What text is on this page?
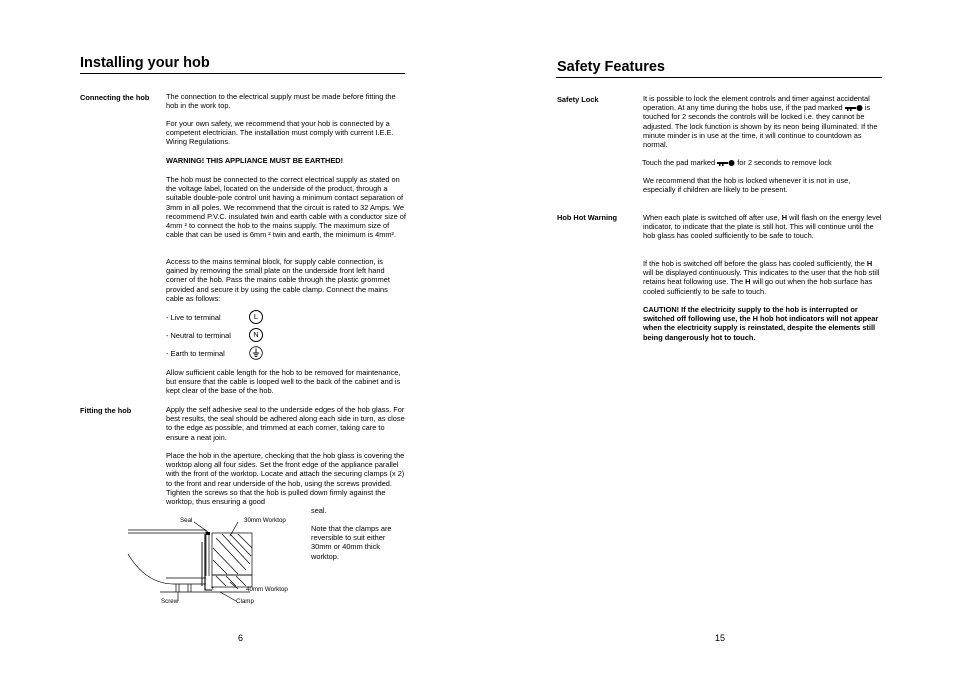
Installing your hob
Connecting the hob The connection to the electrical supply must be made before fitting the hob in the work top.
For your own safety, we recommend that your hob is connected by a competent electrician. The installation must comply with current I.E.E. Wiring Regulations.
WARNING! THIS APPLIANCE MUST BE EARTHED!
The hob must be connected to the correct electrical supply as stated on the voltage label, located on the underside of the product, through a suitable double-pole control unit having a minimum contact separation of 3mm in all poles. We recommend that the circuit is rated to 32 Amps. We recommend P.V.C. insulated twin and earth cable with a conductor size of 4mm ² to connect the hob to the mains supply. The maximum size of cable that can be used is 6mm ² twin and earth, the minimum is 4mm².
Access to the mains terminal block, for supply cable connection, is gained by removing the small plate on the underside front left hand corner of the hob. Pass the mains cable through the plastic grommet provided and secure it by using the cable clamp. Connect the mains cable as follows:
- Live to terminal	L
- Neutral to terminal	N
- Earth to terminal
Allow sufficient cable length for the hob to be removed for maintenance, but ensure that the cable is looped well to the back of the cabinet and is kept clear of the base of the hob.
Fitting the hob	Apply the self adhesive seal to the underside edges of the hob glass. For best results, the seal should be adhered along each side in turn, as close to the edge as possible, and trimmed at each corner, taking care to ensure a neat join.
Place the hob in the aperture, checking that the hob glass is covering the worktop along all four sides. Set the front edge of the appliance parallel with the front of the worktop. Locate and attach the securing clamps (x 2) to the front and rear underside of the hob, using the screws provided. Tighten the screws so that the hob is pulled down firmly against the worktop, thus ensuring a good
seal.
Note that the clamps are reversible to suit either 30mm or 40mm thick worktop.
±
Seal	30mm Worktop
40mm Worktop
Screw	Clamp
6
Safety Features
Safety Lock	It is possible to lock the element controls and timer against accidental operation. At any time during the hobs use, if the pad marked	is touched for 2 seconds the controls will be locked i.e. they cannot be adjusted. The lock function is shown by its neon being illuminated. If the minute minder is in use at the time, it will continue to countdown as normal.
Touch the pad marked	for 2 seconds to remove lock
We recommend that the hob is locked whenever it is not in use, especially if children are likely to be present.
Hob Hot Warning	When each plate is switched off after use, H will flash on the energy level indicator, to indicate that the plate is still hot. This will continue until the hob glass has cooled sufficiently to be safe to touch.
If the hob is switched off before the glass has cooled sufficiently, the H will be displayed continuously. This indicates to the user that the hob still retains heat following use. The H will go out when the hob surface has cooled sufficiently to be safe to touch.
CAUTION! If the electricity supply to the hob is interrupted or switched off following use, the H hob hot indicators will not appear when the electricity supply is reinstated, despite the elements still being dangerously hot to touch.
15
